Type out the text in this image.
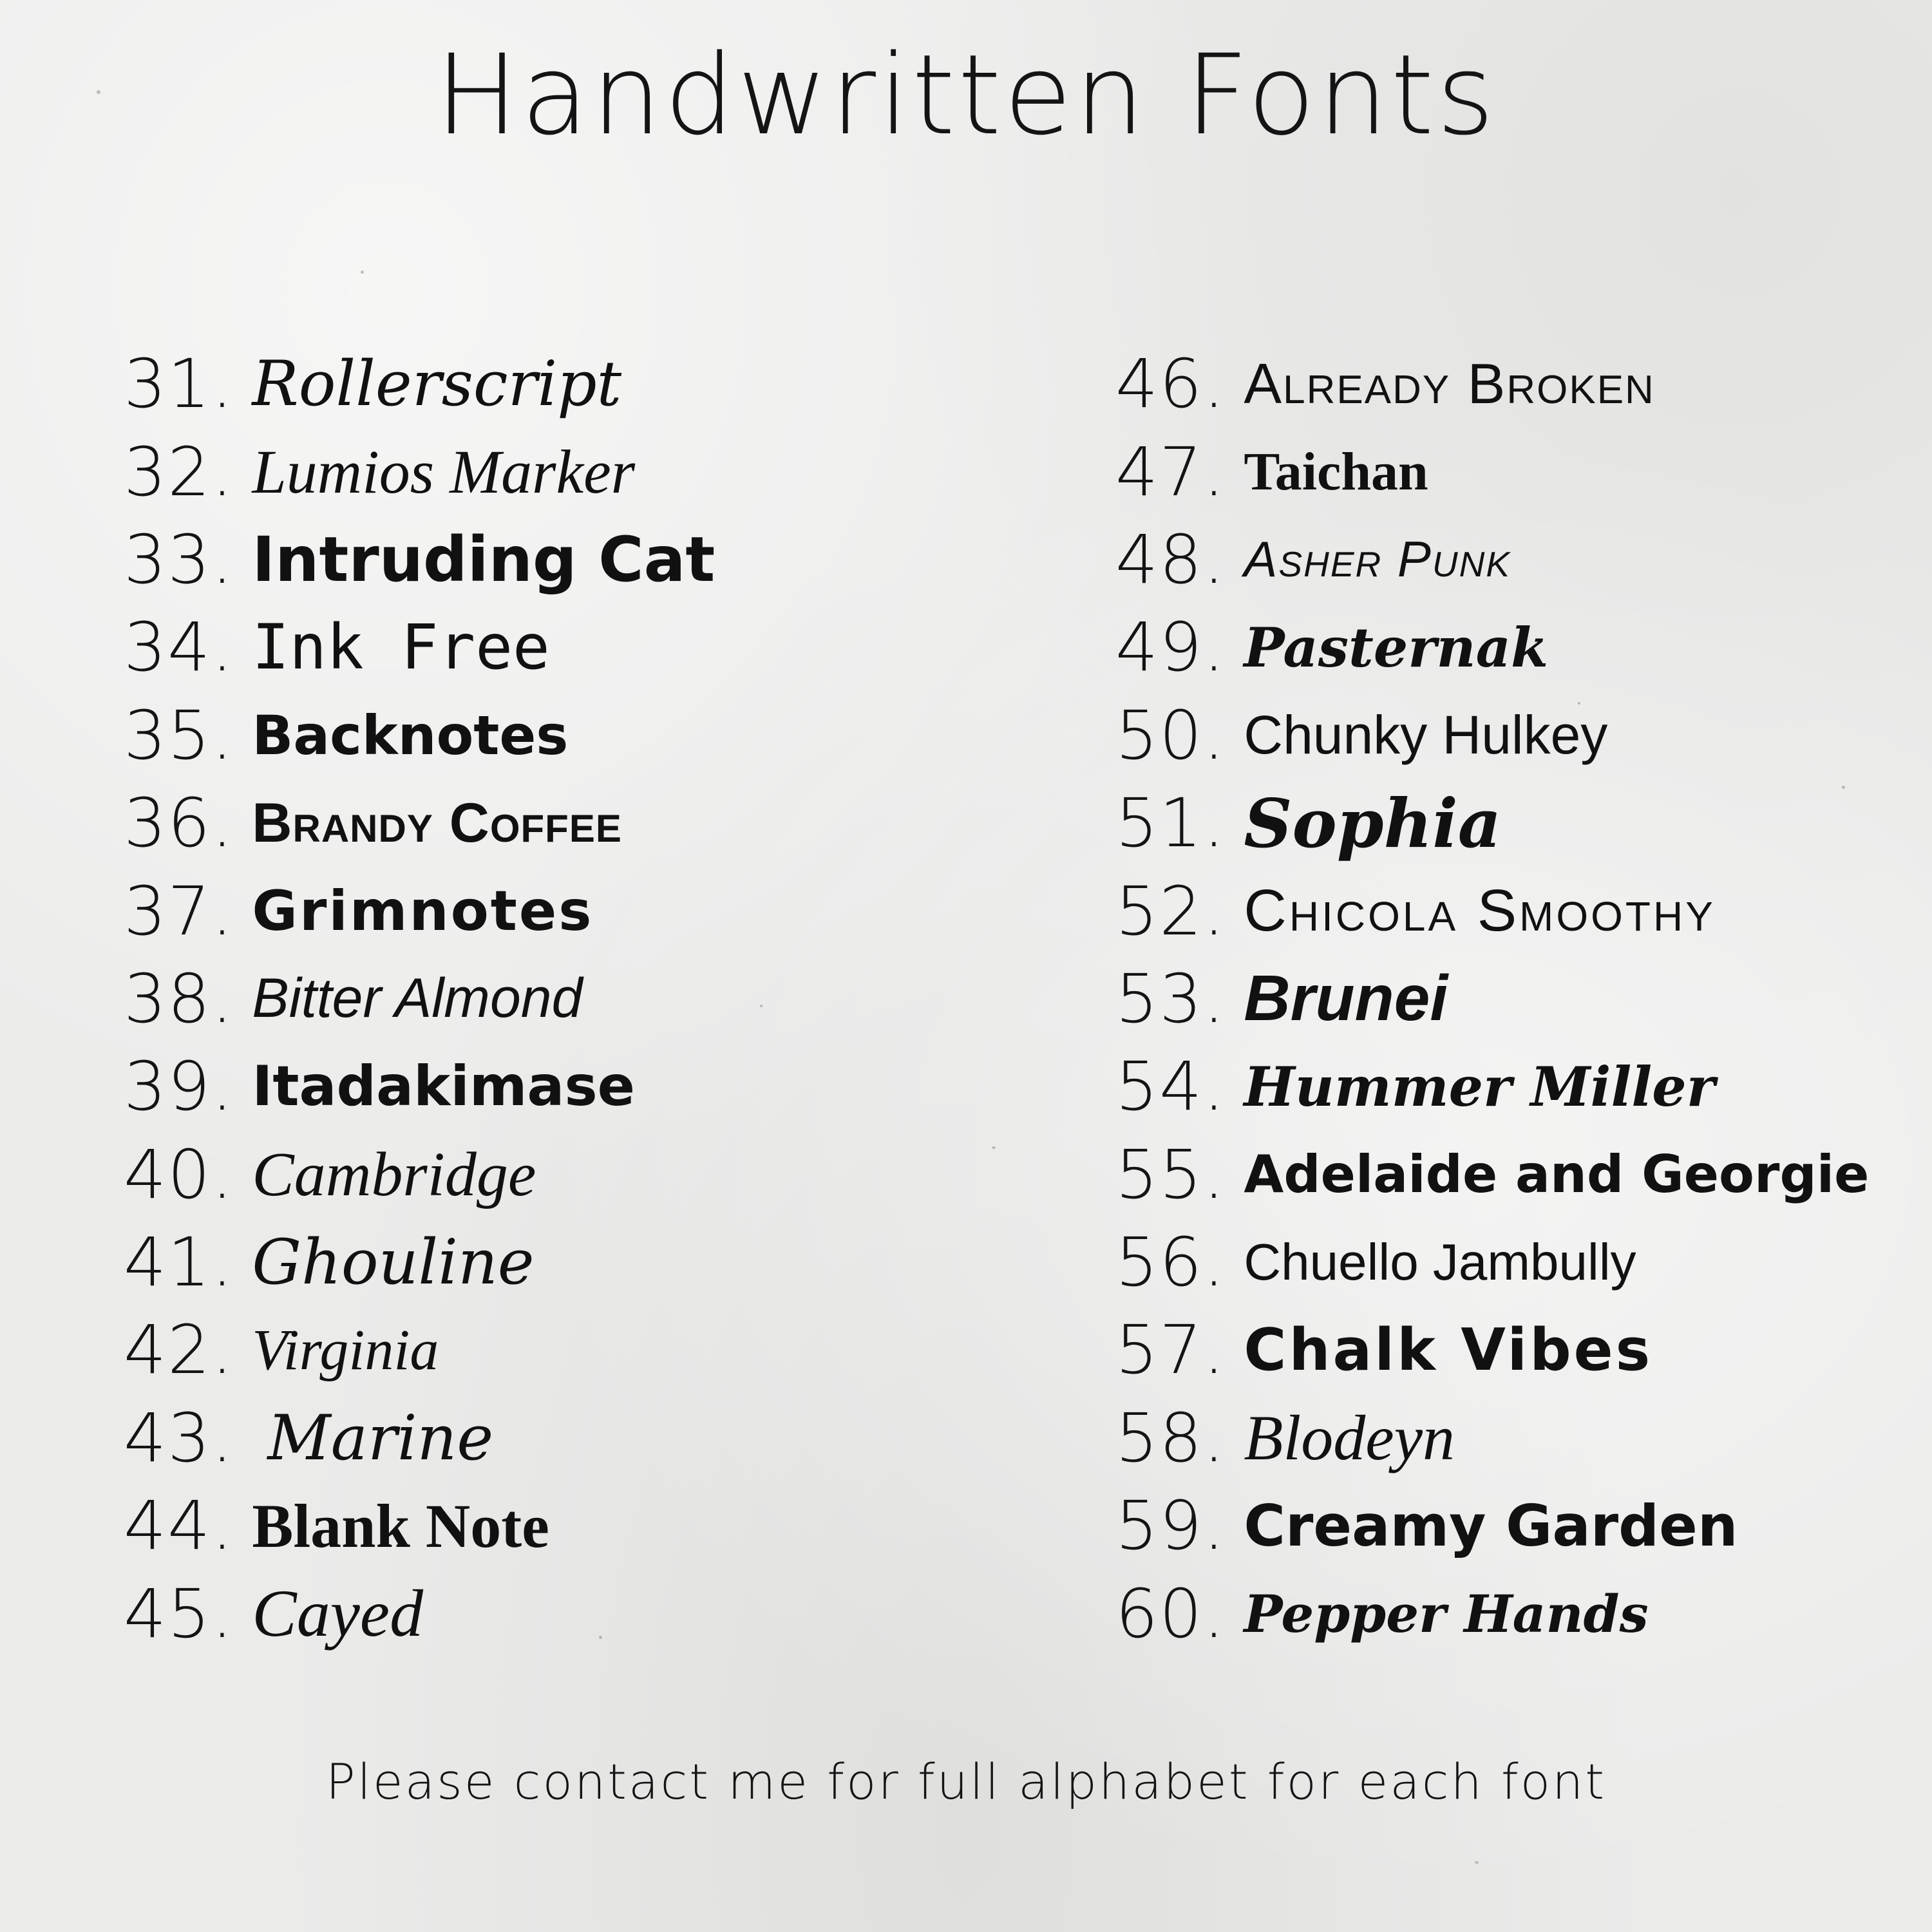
Handwritten Fonts
31. Rollerscript
32. Lumios Marker
33. Intruding Cat
34. Ink Free
35. Backnotes
36. Brandy Coffee
37. Grimnotes
38. Bitter Almond
39. Itadakimase
40. Cambridge
41. Ghouline
42. Virginia
43. Marine
44. Blank Note
45. Cayed
46. Already Broken
47. Taichan
48. Asher Punk
49. Pasternak
50. Chunky Hulkey
51. Sophia
52. Chicola Smoothy
53. Brunei
54. Hummer Miller
55. Adelaide and Georgie
56. Chuello Jambully
57. Chalk Vibes
58. Blodeyn
59. Creamy Garden
60. Pepper Hands
Please contact me for full alphabet for each font
